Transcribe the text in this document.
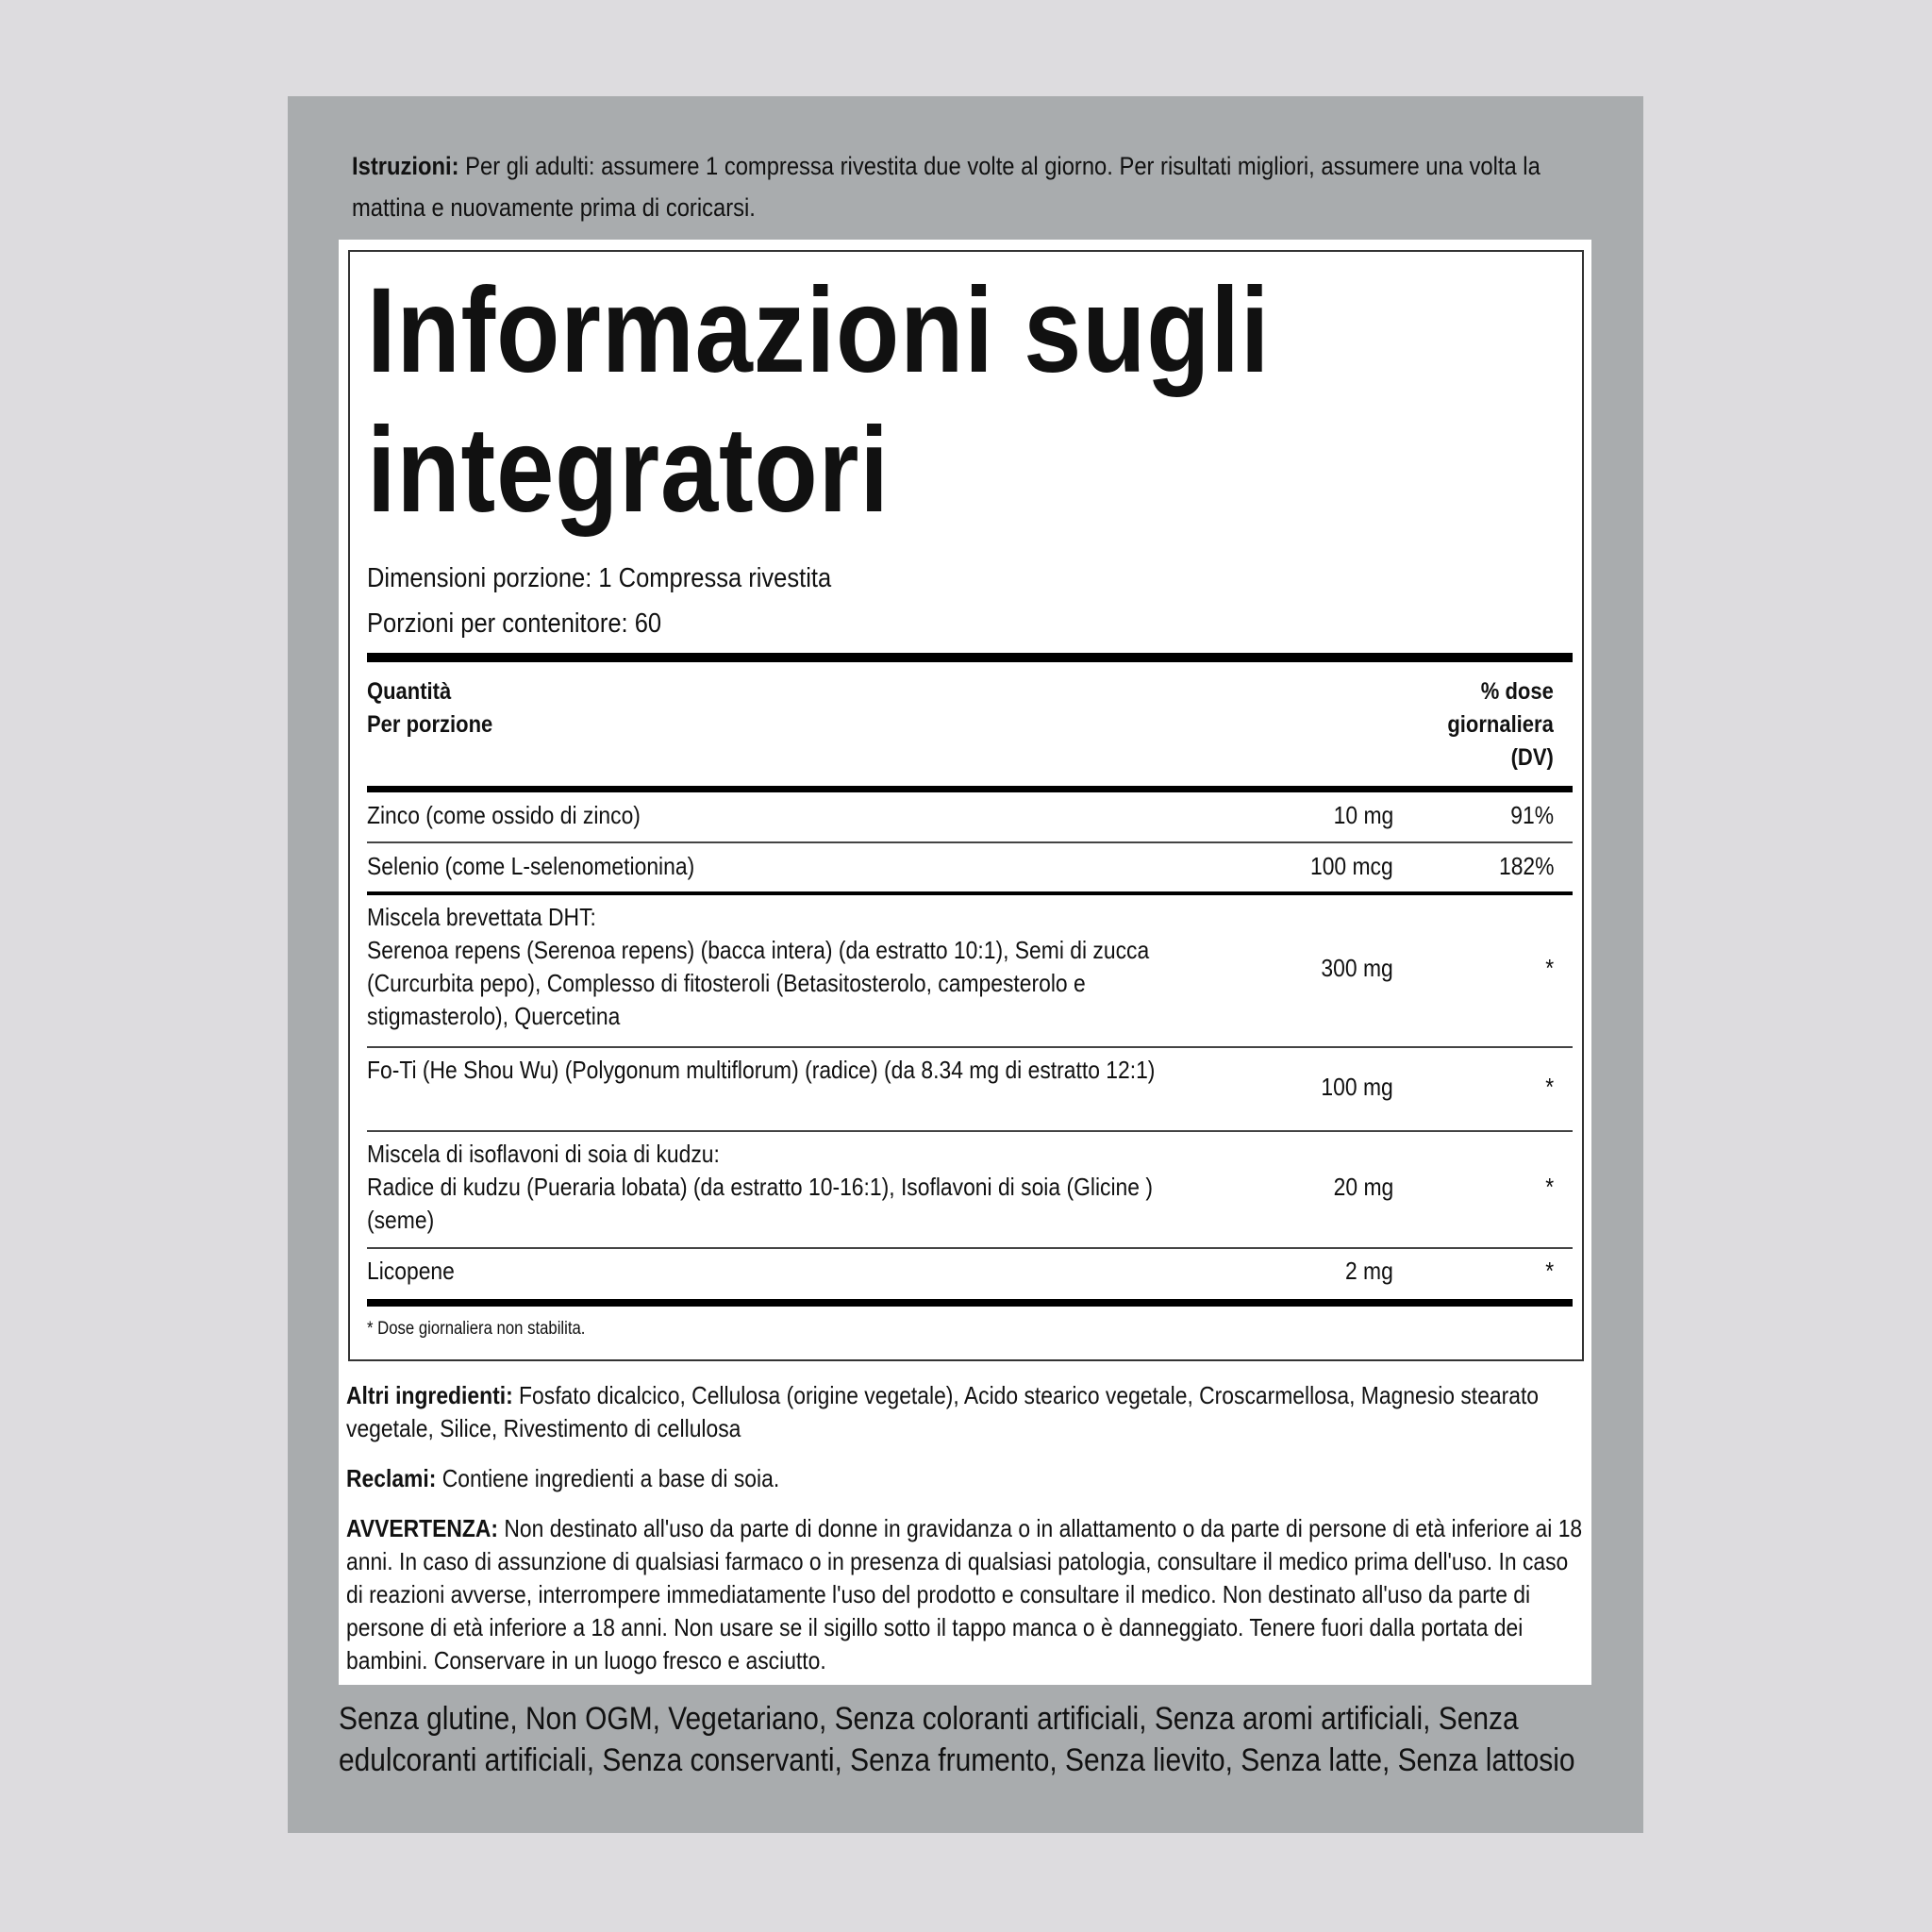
Istruzioni: Per gli adulti: assumere 1 compressa rivestita due volte al giorno. Per risultati migliori, assumere una volta la mattina e nuovamente prima di coricarsi.
Informazioni sugli integratori
Dimensioni porzione: 1 Compressa rivestita
Porzioni per contenitore: 60
Quantità
Per porzione
% dose
giornaliera
(DV)
Zinco (come ossido di zinco)	10 mg	91%
Selenio (come L-selenometionina)	100 mcg	182%
Miscela brevettata DHT:
Serenoa repens (Serenoa repens) (bacca intera) (da estratto 10:1), Semi di zucca (Curcurbita pepo), Complesso di fitosteroli (Betasitosterolo, campesterolo e stigmasterolo), Quercetina
300 mg	*
Fo-Ti (He Shou Wu) (Polygonum multiflorum) (radice) (da 8.34 mg di estratto 12:1)
100 mg	*
Miscela di isoflavoni di soia di kudzu:
Radice di kudzu (Pueraria lobata) (da estratto 10-16:1), Isoflavoni di soia (Glicine ) (seme)
20 mg	*
Licopene	2 mg	*
* Dose giornaliera non stabilita.
Altri ingredienti: Fosfato dicalcico, Cellulosa (origine vegetale), Acido stearico vegetale, Croscarmellosa, Magnesio stearato vegetale, Silice, Rivestimento di cellulosa
Reclami: Contiene ingredienti a base di soia.
AVVERTENZA: Non destinato all'uso da parte di donne in gravidanza o in allattamento o da parte di persone di età inferiore ai 18 anni. In caso di assunzione di qualsiasi farmaco o in presenza di qualsiasi patologia, consultare il medico prima dell'uso. In caso di reazioni avverse, interrompere immediatamente l'uso del prodotto e consultare il medico. Non destinato all'uso da parte di persone di età inferiore a 18 anni. Non usare se il sigillo sotto il tappo manca o è danneggiato. Tenere fuori dalla portata dei bambini. Conservare in un luogo fresco e asciutto.
Senza glutine, Non OGM, Vegetariano, Senza coloranti artificiali, Senza aromi artificiali, Senza edulcoranti artificiali, Senza conservanti, Senza frumento, Senza lievito, Senza latte, Senza lattosio
